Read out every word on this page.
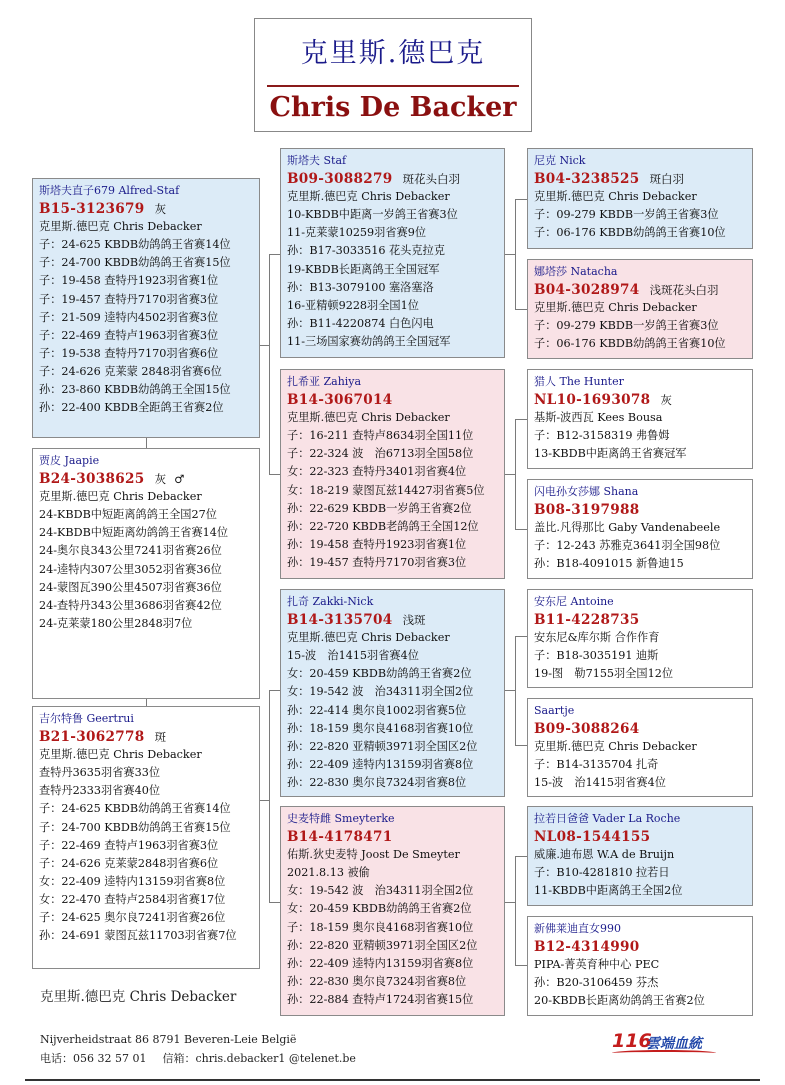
克里斯.德巴克
Chris De Backer
斯塔夫直子679 Alfred-Staf
B15-3123679 灰
克里斯.德巴克 Chris Debacker
子：24-625 KBDB幼鸽鸽王省赛14位
子：24-700 KBDB幼鸽鸽王省赛15位
子：19-458 查特丹1923羽省赛1位
子：19-457 查特丹7170羽省赛3位
子：21-509 逵特内4502羽省赛3位
子：22-469 查特卢1963羽省赛3位
子：19-538 查特丹7170羽省赛6位
子：24-626 克莱蒙 2848羽省赛6位
孙：23-860 KBDB幼鸽鸽王全国15位
孙：22-400 KBDB全距鸽王省赛2位
贾皮 Jaapie
B24-3038625 灰 ♂
克里斯.德巴克 Chris Debacker
24-KBDB中短距离鸽鸽王全国27位
24-KBDB中短距离幼鸽鸽王省赛14位
24-奥尔良343公里7241羽省赛26位
24-逵特内307公里3052羽省赛36位
24-蒙图瓦390公里4507羽省赛36位
24-查特丹343公里3686羽省赛42位
24-克莱蒙180公里2848羽7位
吉尔特鲁 Geertrui
B21-3062778 斑
克里斯.德巴克 Chris Debacker
查特丹3635羽省赛33位
查特丹2333羽省赛40位
子：24-625 KBDB幼鸽鸽王省赛14位
子：24-700 KBDB幼鸽鸽王省赛15位
子：22-469 查特卢1963羽省赛3位
子：24-626 克莱蒙2848羽省赛6位
女：22-409 逵特内13159羽省赛8位
女：22-470 查特卢2584羽省赛17位
子：24-625 奥尔良7241羽省赛26位
孙：24-691 蒙图瓦兹11703羽省赛7位
斯塔夫 Staf
B09-3088279 斑花头白羽
克里斯.德巴克 Chris Debacker
10-KBDB中距离一岁鸽王省赛3位
11-克莱蒙10259羽省赛9位
孙：B17-3033516 花头克拉克
19-KBDB长距离鸽王全国冠军
孙：B13-3079100 塞洛塞洛
16-亚精顿9228羽全国1位
孙：B11-4220874 白色闪电
11-三场国家赛幼鸽鸽王全国冠军
扎希亚 Zahiya
B14-3067014
克里斯.德巴克 Chris Debacker
子：16-211 查特卢8634羽全国11位
子：22-324 波　治6713羽全国58位
女：22-323 查特丹3401羽省赛4位
女：18-219 蒙图瓦兹14427羽省赛5位
孙：22-629 KBDB一岁鸽王省赛2位
孙：22-720 KBDB老鸽鸽王全国12位
孙：19-458 查特丹1923羽省赛1位
孙：19-457 查特丹7170羽省赛3位
扎奇 Zakki-Nick
B14-3135704 浅斑
克里斯.德巴克 Chris Debacker
15-波　治1415羽省赛4位
女：20-459 KBDB幼鸽鸽王省赛2位
女：19-542 波　治34311羽全国2位
孙：22-414 奥尔良1002羽省赛5位
孙：18-159 奥尔良4168羽省赛10位
孙：22-820 亚精顿3971羽全国区2位
孙：22-409 逵特内13159羽省赛8位
孙：22-830 奥尔良7324羽省赛8位
史麦特雌 Smeyterke
B14-4178471
佑斯.狄史麦特 Joost De Smeyter
2021.8.13 被偷
女：19-542 波　治34311羽全国2位
女：20-459 KBDB幼鸽鸽王省赛2位
子：18-159 奥尔良4168羽省赛10位
孙：22-820 亚精顿3971羽全国区2位
孙：22-409 逵特内13159羽省赛8位
孙：22-830 奥尔良7324羽省赛8位
孙：22-884 查特卢1724羽省赛15位
尼克 Nick
B04-3238525 斑白羽
克里斯.德巴克 Chris Debacker
子：09-279 KBDB一岁鸽王省赛3位
子：06-176 KBDB幼鸽鸽王省赛10位
娜塔莎 Natacha
B04-3028974 浅斑花头白羽
克里斯.德巴克 Chris Debacker
子：09-279 KBDB一岁鸽王省赛3位
子：06-176 KBDB幼鸽鸽王省赛10位
猎人 The Hunter
NL10-1693078 灰
基斯-波西瓦 Kees Bousa
子：B12-3158319 弗鲁姆
13-KBDB中距离鸽王省赛冠军
闪电孙女莎娜 Shana
B08-3197988
盖比.凡得那比 Gaby Vandenabeele
子：12-243 苏雅克3641羽全国98位
孙：B18-4091015 新鲁迪15
安东尼 Antoine
B11-4228735
安东尼&库尔斯 合作作育
子：B18-3035191 迪斯
19-图　勒7155羽全国12位
Saartje
B09-3088264
克里斯.德巴克 Chris Debacker
子：B14-3135704 扎奇
15-波　治1415羽省赛4位
拉若日爸爸 Vader La Roche
NL08-1544155
威廉.迪布恩 W.A de Bruijn
子：B10-4281810 拉若日
11-KBDB中距离鸽王全国2位
新佛莱迪直女990
B12-4314990
PIPA-菁英育种中心 PEC
孙：B20-3106459 芬杰
20-KBDB长距离幼鸽鸽王省赛2位
克里斯.德巴克 Chris Debacker
Nijverheidstraat 86 8791 Beveren-Leie België
电话：056 32 57 01 信箱：chris.debacker1 @telenet.be
116
雲端血統
